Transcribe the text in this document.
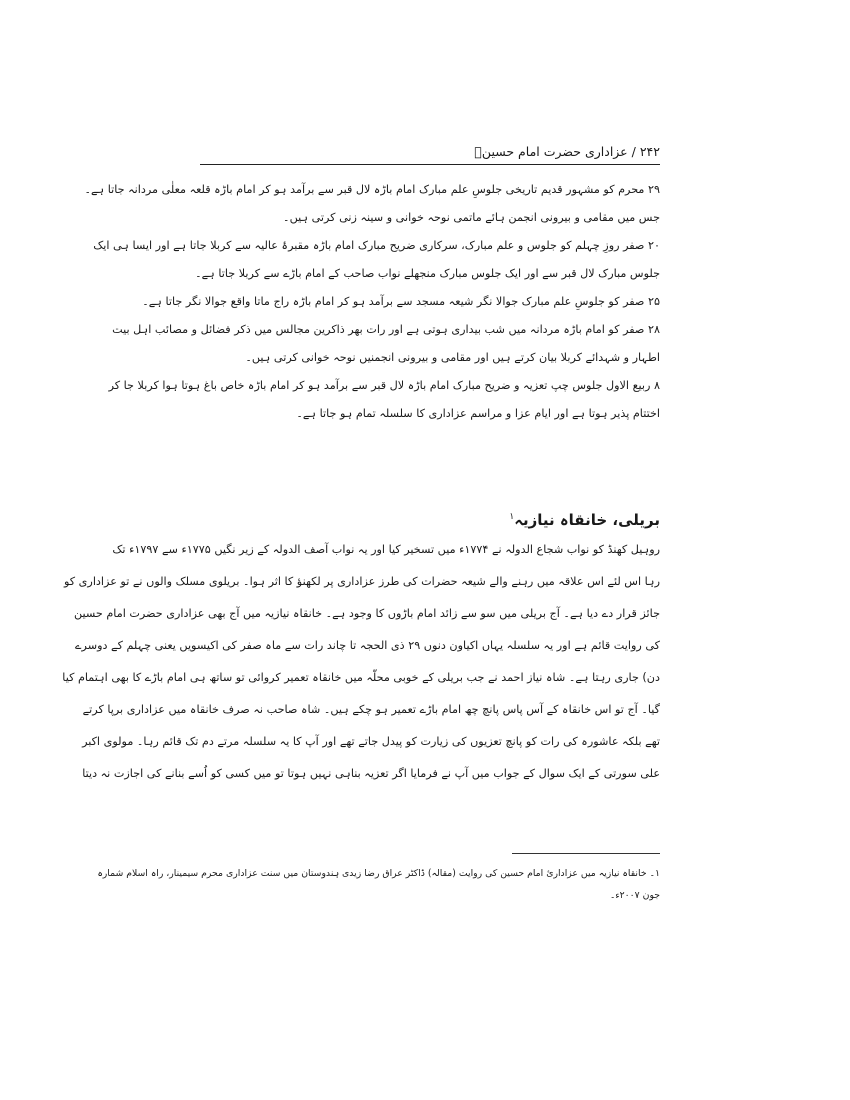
۲۴۲ / عزاداری حضرت امام حسینؑ
۲۹ محرم کو مشہور قدیم تاریخی جلوسِ علم مبارک امام باڑہ لال قبر سے برآمد ہو کر امام باڑہ قلعہ معلٰی مردانہ جاتا ہے۔
جس میں مقامی و بیرونی انجمن ہائے ماتمی نوحہ خوانی و سینہ زنی کرتی ہیں۔
۲۰ صفر روزِ چہلم کو جلوس و علم مبارک، سرکاری ضریح مبارک امام باڑہ مقبرۂ عالیہ سے کربلا جاتا ہے اور ایسا ہی ایک
جلوس مبارک لال قبر سے اور ایک جلوس مبارک منجھلے نواب صاحب کے امام باڑے سے کربلا جاتا ہے۔
۲۵ صفر کو جلوسِ علم مبارک جوالا نگر شیعہ مسجد سے برآمد ہو کر امام باڑہ راج ماتا واقع جوالا نگر جاتا ہے۔
۲۸ صفر کو امام باڑہ مردانہ میں شب بیداری ہوتی ہے اور رات بھر ذاکرین مجالس میں ذکر فضائل و مصائب اہل بیت
اطہار و شہدائے کربلا بیان کرتے ہیں اور مقامی و بیرونی انجمنیں نوحہ خوانی کرتی ہیں۔
۸ ربیع الاول جلوس چپ تعزیہ و ضریح مبارک امام باڑہ لال قبر سے برآمد ہو کر امام باڑہ خاص باغ ہوتا ہوا کربلا جا کر
اختتام پذیر ہوتا ہے اور ایام عزا و مراسم عزاداری کا سلسلہ تمام ہو جاتا ہے۔
بریلی، خانقاہ نیازیہ$^۱$
روہیل کھنڈ کو نواب شجاع الدولہ نے ۱۷۷۴ء میں تسخیر کیا اور یہ نواب آصف الدولہ کے زیر نگیں ۱۷۷۵ء سے ۱۷۹۷ء تک
رہا اس لئے اس علاقہ میں رہنے والے شیعہ حضرات کی طرز عزاداری پر لکھنؤ کا اثر ہوا۔ بریلوی مسلک والوں نے تو عزاداری کو
جائز قرار دے دیا ہے۔ آج بریلی میں سو سے زائد امام باڑوں کا وجود ہے۔ خانقاہ نیازیہ میں آج بھی عزاداری حضرت امام حسین
کی روایت قائم ہے اور یہ سلسلہ یہاں اکیاون دنوں ۲۹ ذی الحجہ تا چاند رات سے ماہ صفر کی اکیسویں یعنی چہلم کے دوسرے
دن) جاری رہتا ہے۔ شاہ نیاز احمد نے جب بریلی کے خوبی محلّہ میں خانقاہ تعمیر کروائی تو ساتھ ہی امام باڑے کا بھی اہتمام کیا
گیا۔ آج تو اس خانقاہ کے آس پاس پانچ چھ امام باڑے تعمیر ہو چکے ہیں۔ شاہ صاحب نہ صرف خانقاہ میں عزاداری برپا کرتے
تھے بلکہ عاشورہ کی رات کو پانچ تعزیوں کی زیارت کو پیدل جاتے تھے اور آپ کا یہ سلسلہ مرتے دم تک قائم رہا۔ مولوی اکبر
علی سورتی کے ایک سوال کے جواب میں آپ نے فرمایا اگر تعزیہ بناہی نہیں ہوتا تو میں کسی کو اُسے بنانے کی اجازت نہ دیتا
۱۔ خانقاہ نیازیہ میں عزاداریٔ امام حسین کی روایت (مقالہ) ڈاکٹر عراق رضا زیدی ہندوستان میں سنت عزاداری محرم سیمینار، راہ اسلام شمارہ
جون ۲۰۰۷ء۔
